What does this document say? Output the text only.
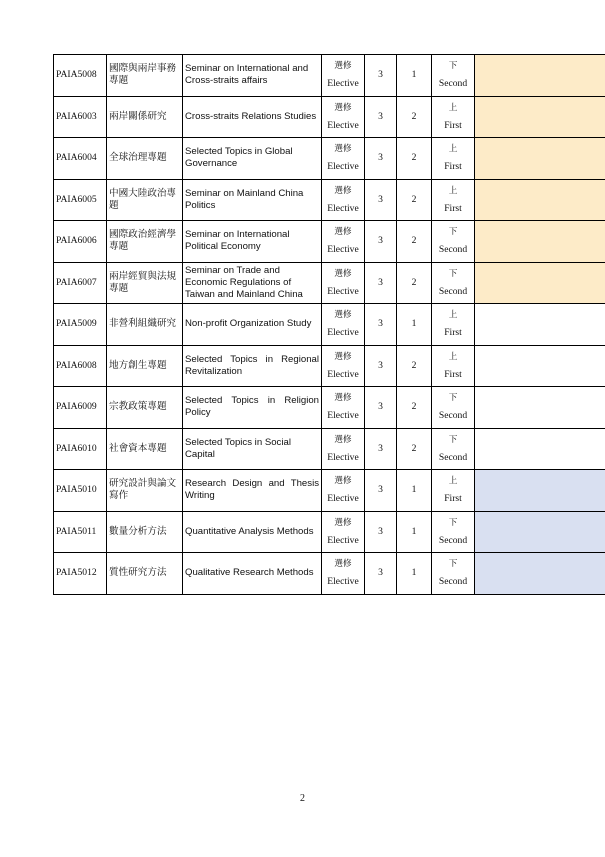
PAIA5008	國際與兩岸事務專題	Seminar on International and Cross-straits affairs	選修
Elective	3	1	下
Second	
PAIA6003	兩岸關係研究	Cross-straits Relations Studies	選修
Elective	3	2	上
First	
PAIA6004	全球治理專題	Selected Topics in Global Governance	選修
Elective	3	2	上
First	
PAIA6005	中國大陸政治專題	Seminar on Mainland China Politics	選修
Elective	3	2	上
First	
PAIA6006	國際政治經濟學專題	Seminar on International Political Economy	選修
Elective	3	2	下
Second	
PAIA6007	兩岸經貿與法規專題	Seminar on Trade and Economic Regulations of Taiwan and Mainland China	選修
Elective	3	2	下
Second	
PAIA5009	非營利組織研究	Non-profit Organization Study	選修
Elective	3	1	上
First	
PAIA6008	地方創生專題	Selected Topics in Regional Revitalization	選修
Elective	3	2	上
First	
PAIA6009	宗教政策專題	Selected Topics in Religion Policy	選修
Elective	3	2	下
Second	
PAIA6010	社會資本專題	Selected Topics in Social Capital	選修
Elective	3	2	下
Second	
PAIA5010	研究設計與論文寫作	Research Design and Thesis Writing	選修
Elective	3	1	上
First	
PAIA5011	數量分析方法	Quantitative Analysis Methods	選修
Elective	3	1	下
Second	
PAIA5012	質性研究方法	Qualitative Research Methods	選修
Elective	3	1	下
Second	
2
